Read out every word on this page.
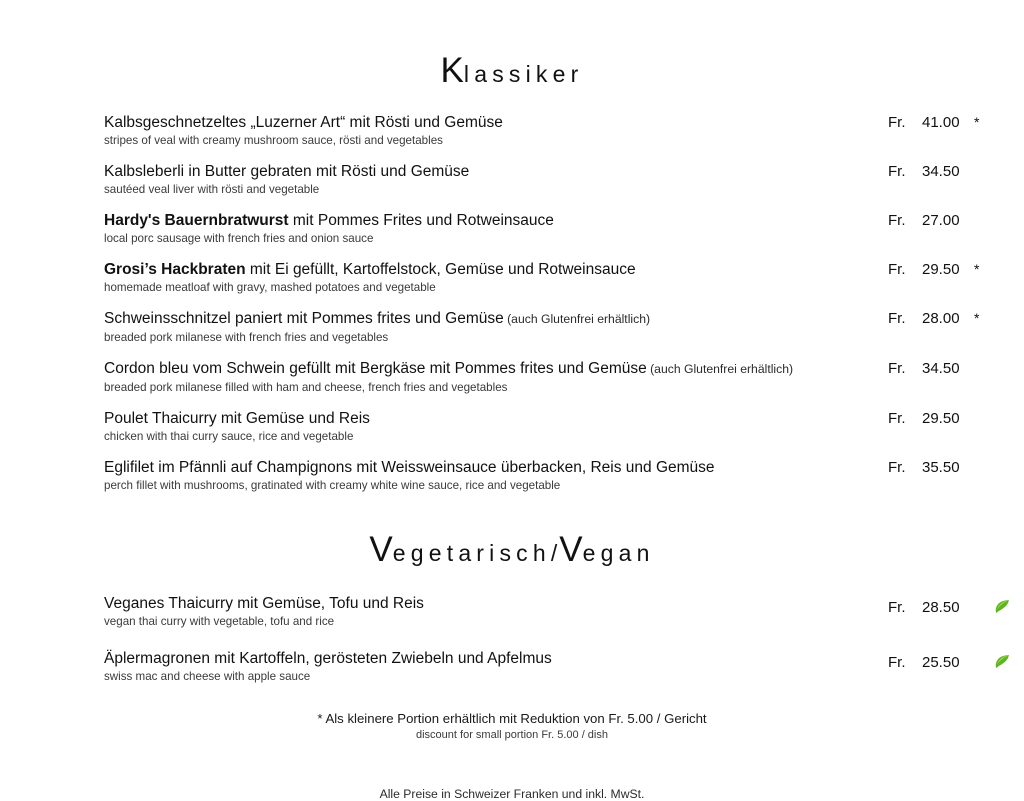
Klassiker
Kalbsgeschnetzeltes „Luzerner Art“ mit Rösti und Gemüse
stripes of veal with creamy mushroom sauce, rösti and vegetables
Fr.	41.00	*
Kalbsleberli in Butter gebraten mit Rösti und Gemüse
sautéed veal liver with rösti and vegetable
Fr.	34.50
Hardy's Bauernbratwurst mit Pommes Frites und Rotweinsauce
local porc sausage with french fries and onion sauce
Fr.	27.00
Grosi’s Hackbraten mit Ei gefüllt, Kartoffelstock, Gemüse und Rotweinsauce
homemade meatloaf with gravy, mashed potatoes and vegetable
Fr.	29.50	*
Schweinsschnitzel paniert mit Pommes frites und Gemüse (auch Glutenfrei erhältlich)
breaded pork milanese with french fries and vegetables
Fr.	28.00	*
Cordon bleu vom Schwein gefüllt mit Bergkäse mit Pommes frites und Gemüse (auch Glutenfrei erhältlich)
breaded pork milanese filled with ham and cheese, french fries and vegetables
Fr.	34.50
Poulet Thaicurry mit Gemüse und Reis
chicken with thai curry sauce, rice and vegetable
Fr.	29.50
Eglifilet im Pfännli auf Champignons mit Weissweinsauce überbacken, Reis und Gemüse
perch fillet with mushrooms, gratinated with creamy white wine sauce, rice and vegetable
Fr.	35.50
Vegetarisch/Vegan
Veganes Thaicurry mit Gemüse, Tofu und Reis
vegan thai curry with vegetable, tofu and rice
Fr.	28.50
Äplermagronen mit Kartoffeln, gerösteten Zwiebeln und Apfelmus
swiss mac and cheese with apple sauce
Fr.	25.50
* Als kleinere Portion erhältlich mit Reduktion von Fr. 5.00 / Gericht
discount for small portion Fr. 5.00 / dish
Alle Preise in Schweizer Franken und inkl. MwSt.
